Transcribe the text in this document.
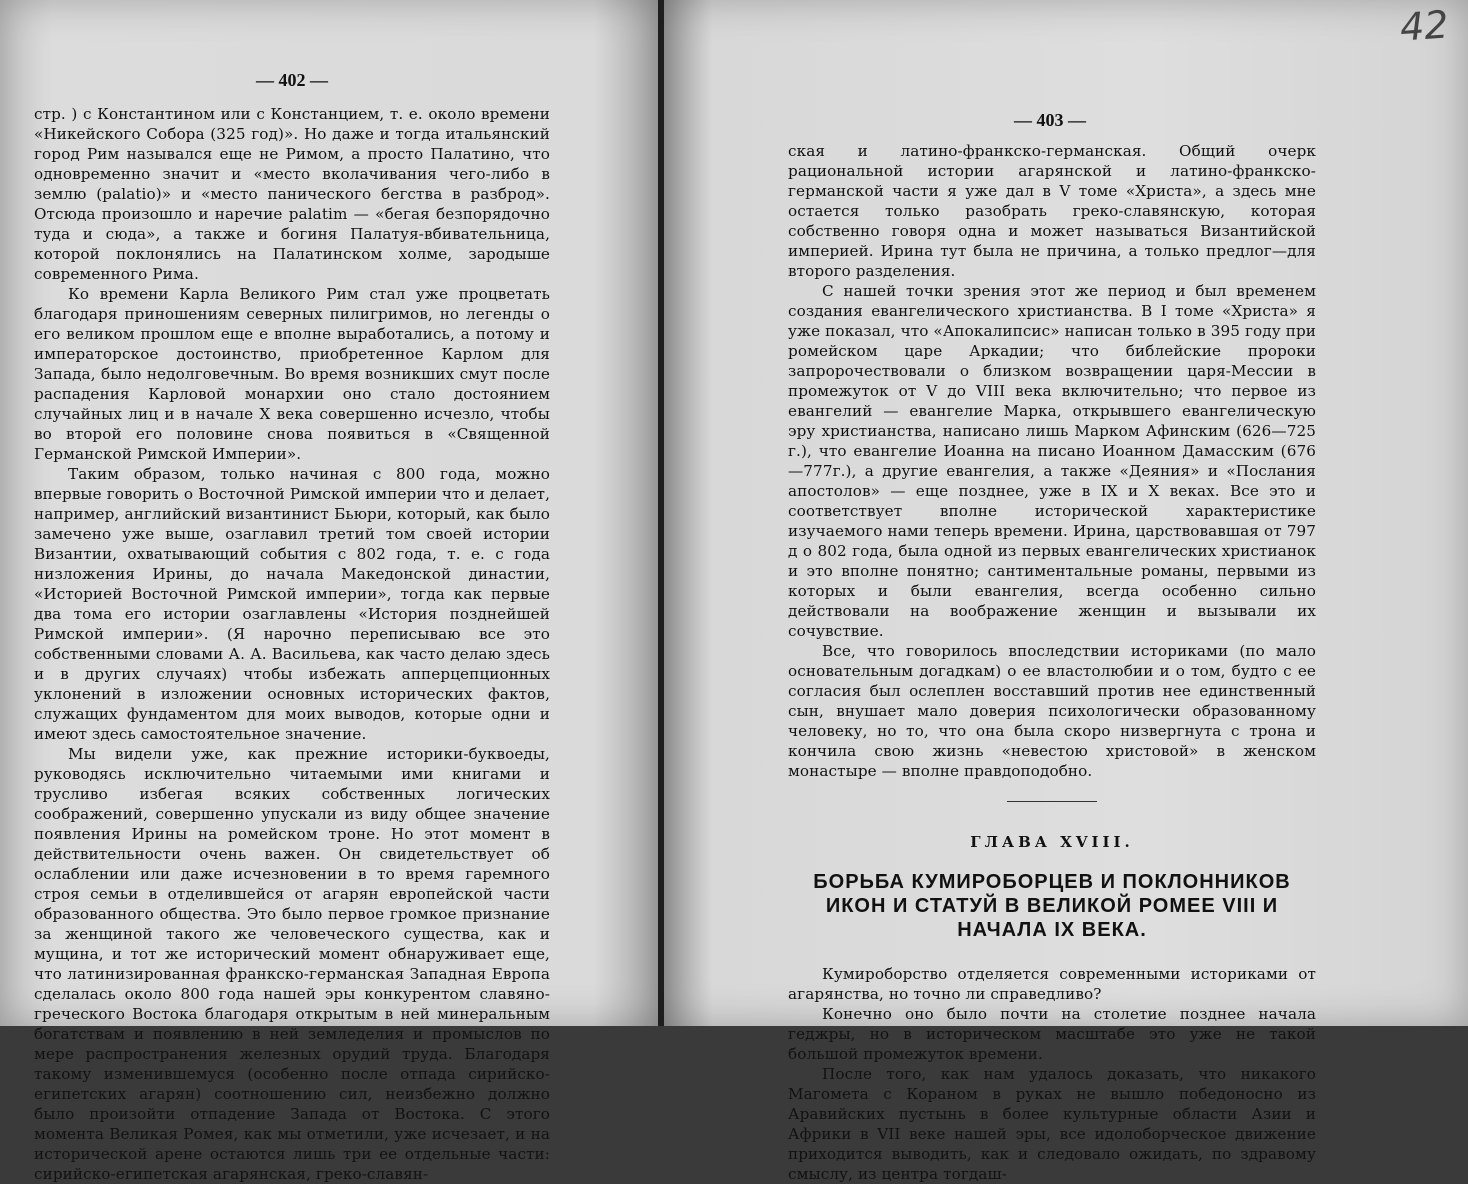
— 402 —

стр. ) с Константином или с Констанцием, т. е. около времени «Никейского Собора (325 год)». Но даже и тогда итальянский город Рим назывался еще не Римом, а просто Палатино, что одновременно значит и «место вколачивания чего-либо в землю (palatio)» и «место панического бегства в разброд». Отсюда произошло и наречие palatim — «бегая безпорядочно туда и сюда», а также и богиня Палатуя-вбивательница, которой поклонялись на Палатинском холме, зародыше современного Рима.

Ко времени Карла Великого Рим стал уже процветать благодаря приношениям северных пилигримов, но легенды о его великом прошлом еще е вполне выработались, а потому и императорское достоинство, приобретенное Карлом для Запада, было недолговечным. Во время возникших смут после распадения Карловой монархии оно стало достоянием случайных лиц и в начале X века совершенно исчезло, чтобы во второй его половине снова появиться в «Священной Германской Римской Империи».

Таким образом, только начиная с 800 года, можно впервые говорить о Восточной Римской империи что и делает, например, английский византинист Бьюри, который, как было замечено уже выше, озаглавил третий том своей истории Византии, охватывающий события с 802 года, т. е. с года низложения Ирины, до начала Македонской династии, «Историей Восточной Римской империи», тогда как первые два тома его истории озаглавлены «История позднейшей Римской империи». (Я нарочно переписываю все это собственными словами А. А. Васильева, как часто делаю здесь и в других случаях) чтобы избежать апперцепционных уклонений в изложении основных исторических фактов, служащих фундаментом для моих выводов, которые одни и имеют здесь самостоятельное значение.

Мы видели уже, как прежние историки-буквоеды, руководясь исключительно читаемыми ими книгами и трусливо избегая всяких собственных логических соображений, совершенно упускали из виду общее значение появления Ирины на ромейском троне. Но этот момент в действительности очень важен. Он свидетельствует об ослаблении или даже исчезновении в то время гаремного строя семьи в отделившейся от агарян европейской части образованного общества. Это было первое громкое признание за женщиной такого же человеческого существа, как и мущина, и тот же исторический момент обнаруживает еще, что латинизированная франкско-германская Западная Европа сделалась около 800 года нашей эры конкурентом славяно-греческого Востока благодаря открытым в ней минеральным богатствам и появлению в ней земледелия и промыслов по мере распространения железных орудий труда. Благодаря такому изменившемуся (особенно после отпада сирийско-египетских агарян) соотношению сил, неизбежно должно было произойти отпадение Запада от Востока. С этого момента Великая Ромея, как мы отметили, уже исчезает, и на исторической арене остаются лишь три ее отдельные части: сирийско-египетская агарянская, греко-славян-

42
— 403 —

ская и латино-франкско-германская. Общий очерк рациональной истории агарянской и латино-франкско-германской части я уже дал в V томе «Христа», а здесь мне остается только разобрать греко-славянскую, которая собственно говоря одна и может называться Византийской империей. Ирина тут была не причина, а только предлог—для второго разделения.

С нашей точки зрения этот же период и был временем создания евангелического христианства. В I томе «Христа» я уже показал, что «Апокалипсис» написан только в 395 году при ромейском царе Аркадии; что библейские пророки запророчествовали о близком возвращении царя-Мессии в промежуток от V до VIII века включительно; что первое из евангелий — евангелие Марка, открывшего евангелическую эру христианства, написано лишь Марком Афинским (626—725 г.), что евангелие Иоанна на писано Иоанном Дамасским (676—777г.), а другие евангелия, а также «Деяния» и «Послания апостолов» — еще позднее, уже в IX и X веках. Все это и соответствует вполне исторической характеристике изучаемого нами теперь времени. Ирина, царствовавшая от 797 д о 802 года, была одной из первых евангелических христианок и это вполне понятно; сантиментальные романы, первыми из которых и были евангелия, всегда особенно сильно действовали на воображение женщин и вызывали их сочувствие.

Все, что говорилось впоследствии историками (по мало основательным догадкам) о ее властолюбии и о том, будто с ее согласия был ослеплен восставший против нее единственный сын, внушает мало доверия психологически образованному человеку, но то, что она была скоро низвергнута с трона и кончила свою жизнь «невестою христовой» в женском монастыре — вполне правдоподобно.

ГЛАВА XVIII.
БОРЬБА КУМИРОБОРЦЕВ И ПОКЛОННИКОВ ИКОН И СТАТУЙ В ВЕЛИКОЙ РОМЕЕ VIII И НАЧАЛА IX ВЕКА.

Кумироборство отделяется современными историками от агарянства, но точно ли справедливо?

Конечно оно было почти на столетие позднее начала геджры, но в историческом масштабе это уже не такой большой промежуток времени.

После того, как нам удалось доказать, что никакого Магомета с Кораном в руках не вышло победоносно из Аравийских пустынь в более культурные области Азии и Африки в VII веке нашей эры, все идолоборческое движение приходится выводить, как и следовало ожидать, по здравому смыслу, из центра тогдаш-
